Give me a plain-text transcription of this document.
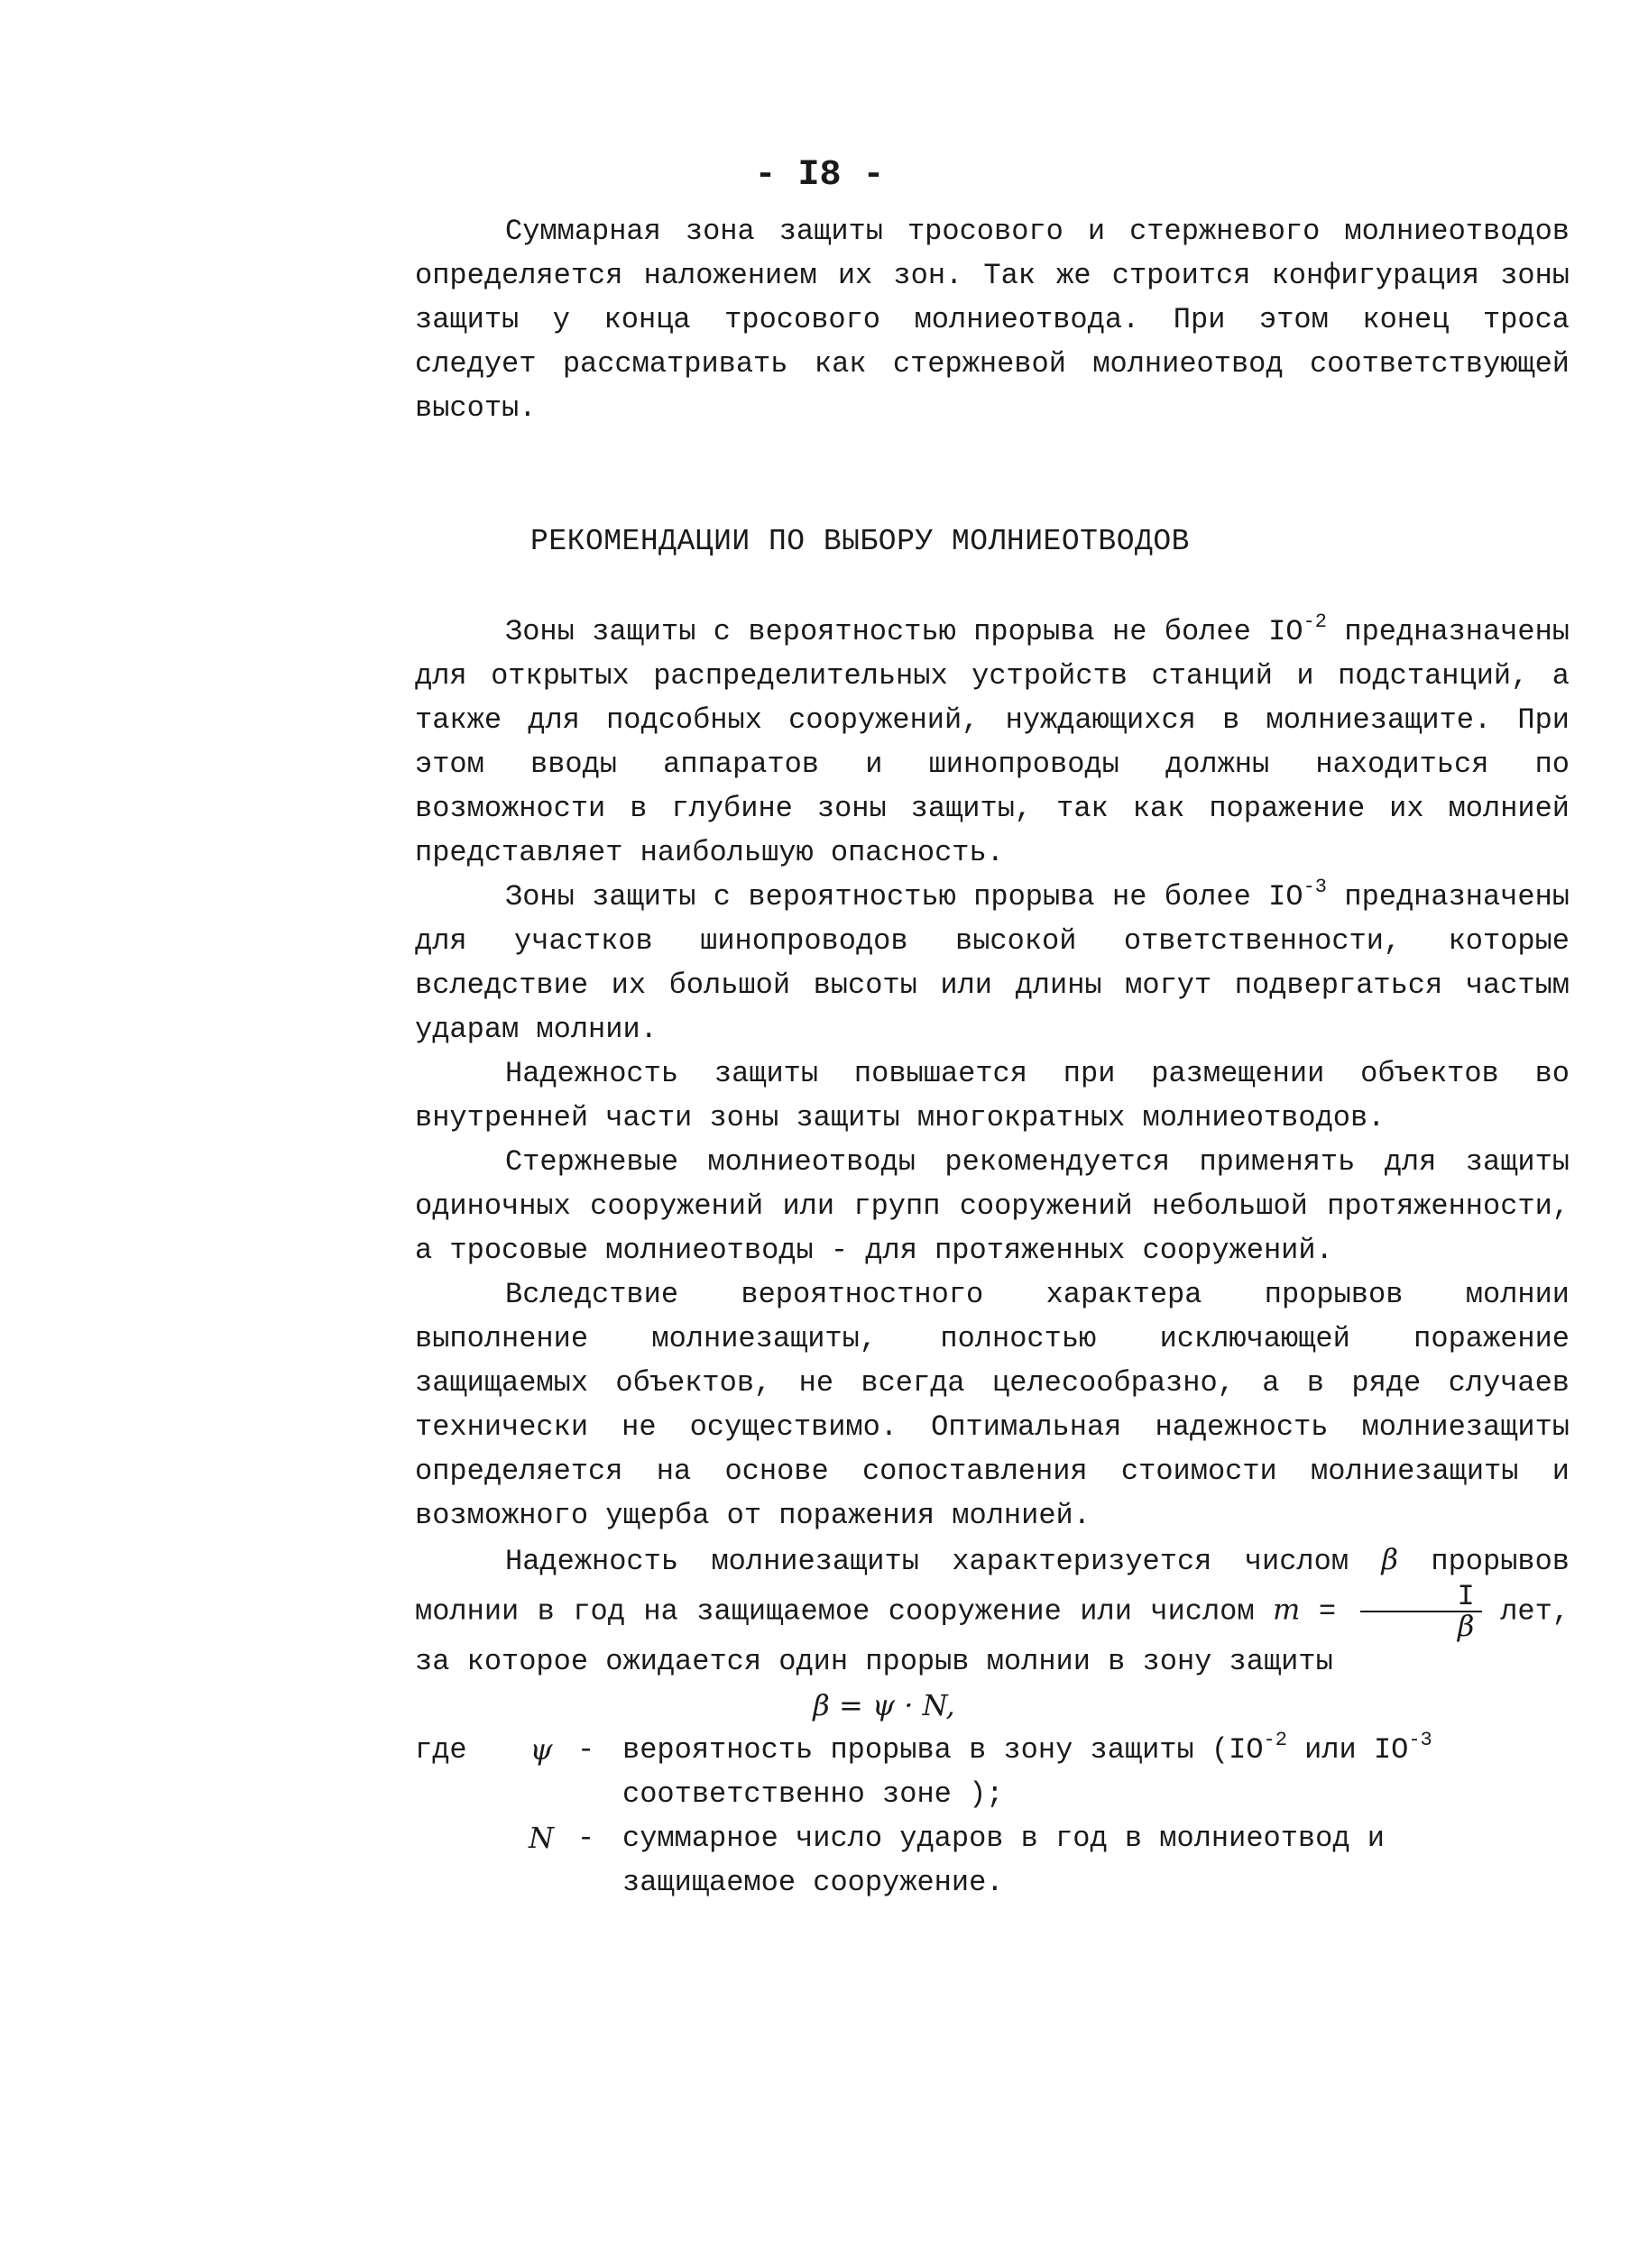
- I8 -

Суммарная зона защиты тросового и стержневого молниеотводов определяется наложением их зон. Так же строится конфигурация зоны защиты у конца тросового молниеотвода. При этом конец троса следует рассматривать как стержневой молниеотвод соответствующей высоты.

РЕКОМЕНДАЦИИ ПО ВЫБОРУ МОЛНИЕОТВОДОВ

Зоны защиты с вероятностью прорыва не более $IO^{-2}$ предназначены для открытых распределительных устройств станций и подстанций, а также для подсобных сооружений, нуждающихся в молниезащите. При этом вводы аппаратов и шинопроводы должны находиться по возможности в глубине зоны защиты, так как поражение их молнией представляет наибольшую опасность.

Зоны защиты с вероятностью прорыва не более $IO^{-3}$ предназначены для участков шинопроводов высокой ответственности, которые вследствие их большой высоты или длины могут подвергаться частым ударам молнии.

Надежность защиты повышается при размещении объектов во внутренней части зоны защиты многократных молниеотводов.

Стержневые молниеотводы рекомендуется применять для защиты одиночных сооружений или групп сооружений небольшой протяженности, а тросовые молниеотводы - для протяженных сооружений.

Вследствие вероятностного характера прорывов молнии выполнение молниезащиты, полностью исключающей поражение защищаемых объектов, не всегда целесообразно, а в ряде случаев технически не осуществимо. Оптимальная надежность молниезащиты определяется на основе сопоставления стоимости молниезащиты и возможного ущерба от поражения молнией.

Надежность молниезащиты характеризуется числом β прорывов молнии в год на защищаемое сооружение или числом $m = \frac{I}{\beta}$ лет, за которое ожидается один прорыв молнии в зону защиты

β = ψ · N,

где	ψ - вероятность прорыва в зону защиты ($IO^{-2}$ или $IO^{-3}$ соответственно зоне );
N - суммарное число ударов в год в молниеотвод и защищаемое сооружение.
